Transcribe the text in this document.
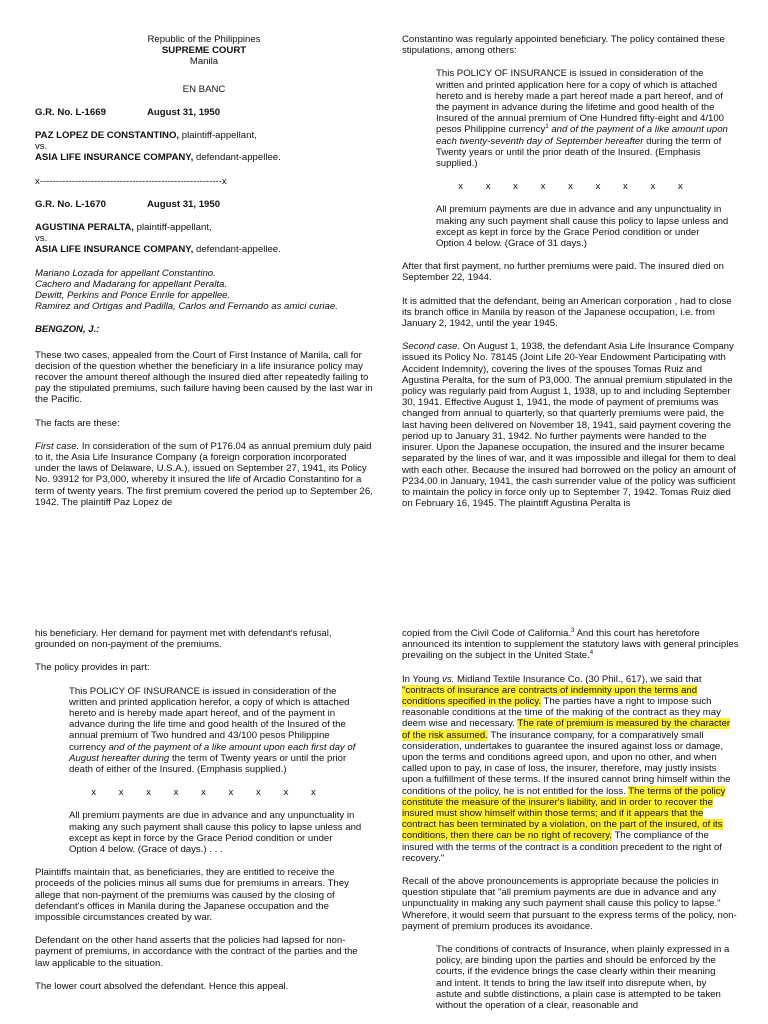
Republic of the Philippines

SUPREME COURT

Manila

EN BANC

G.R. No. L-1669	August 31, 1950

PAZ LOPEZ DE CONSTANTINO, plaintiff-appellant,
vs.
ASIA LIFE INSURANCE COMPANY, defendant-appellee.

x---------------------------------------------------------x

G.R. No. L-1670	August 31, 1950

AGUSTINA PERALTA, plaintiff-appellant,
vs.
ASIA LIFE INSURANCE COMPANY, defendant-appellee.

Mariano Lozada for appellant Constantino.
Cachero and Madarang for appellant Peralta.
Dewitt, Perkins and Ponce Enrile for appellee.
Ramirez and Ortigas and Padilla, Carlos and Fernando as amici curiae.

BENGZON, J.:

These two cases, appealed from the Court of First Instance of Manila, call for decision of the question whether the beneficiary in a life insurance policy may recover the amount thereof although the insured died after repeatedly failing to pay the stipulated premiums, such failure having been caused by the last war in the Pacific.

The facts are these:

First case. In consideration of the sum of P176.04 as annual premium duly paid to it, the Asia Life Insurance Company (a foreign corporation incorporated under the laws of Delaware, U.S.A.), issued on September 27, 1941, its Policy No. 93912 for P3,000, whereby it insured the life of Arcadio Constantino for a term of twenty years. The first premium covered the period up to September 26, 1942. The plaintiff Paz Lopez de

Constantino was regularly appointed beneficiary. The policy contained these stipulations, among others:

This POLICY OF INSURANCE is issued in consideration of the written and printed application here for a copy of which is attached hereto and is hereby made a part hereof made a part hereof, and of the payment in advance during the lifetime and good health of the Insured of the annual premium of One Hundred fifty-eight and 4/100 pesos Philippine currency$^1$ and of the payment of a like amount upon each twenty-seventh day of September hereafter during the term of Twenty years or until the prior death of the Insured. (Emphasis supplied.)

x x x x x x x x x

All premium payments are due in advance and any unpunctuality in making any such payment shall cause this policy to lapse unless and except as kept in force by the Grace Period condition or under Option 4 below. (Grace of 31 days.)

After that first payment, no further premiums were paid. The insured died on September 22, 1944.

It is admitted that the defendant, being an American corporation , had to close its branch office in Manila by reason of the Japanese occupation, i.e. from January 2, 1942, until the year 1945.

Second case. On August 1, 1938, the defendant Asia Life Insurance Company issued its Policy No. 78145 (Joint Life 20-Year Endowment Participating with Accident Indemnity), covering the lives of the spouses Tomas Ruiz and Agustina Peralta, for the sum of P3,000. The annual premium stipulated in the policy was regularly paid from August 1, 1938, up to and including September 30, 1941. Effective August 1, 1941, the mode of payment of premiums was changed from annual to quarterly, so that quarterly premiums were paid, the last having been delivered on November 18, 1941, said payment covering the period up to January 31, 1942. No further payments were handed to the insurer. Upon the Japanese occupation, the insured and the insurer became separated by the lines of war, and it was impossible and illegal for them to deal with each other. Because the insured had borrowed on the policy an amount of P234.00 in January, 1941, the cash surrender value of the policy was sufficient to maintain the policy in force only up to September 7, 1942. Tomas Ruiz died on February 16, 1945. The plaintiff Agustina Peralta is

his beneficiary. Her demand for payment met with defendant's refusal, grounded on non-payment of the premiums.

The policy provides in part:

This POLICY OF INSURANCE is issued in consideration of the written and printed application herefor, a copy of which is attached hereto and is hereby made apart hereof, and of the payment in advance during the life time and good health of the Insured of the annual premium of Two hundred and 43/100 pesos Philippine currency and of the payment of a like amount upon each first day of August hereafter during the term of Twenty years or until the prior death of either of the Insured. (Emphasis supplied.)

x x x x x x x x x

All premium payments are due in advance and any unpunctuality in making any such payment shall cause this policy to lapse unless and except as kept in force by the Grace Period condition or under Option 4 below. (Grace of days.) . . .

Plaintiffs maintain that, as beneficiaries, they are entitled to receive the proceeds of the policies minus all sums due for premiums in arrears. They allege that non-payment of the premiums was caused by the closing of defendant's offices in Manila during the Japanese occupation and the impossible circumstances created by war.

Defendant on the other hand asserts that the policies had lapsed for non-payment of premiums, in accordance with the contract of the parties and the law applicable to the situation.

The lower court absolved the defendant. Hence this appeal.

copied from the Civil Code of California.$^3$ And this court has heretofore announced its intention to supplement the statutory laws with general principles prevailing on the subject in the United State.$^4$

In Young vs. Midland Textile Insurance Co. (30 Phil., 617), we said that "contracts of insurance are contracts of indemnity upon the terms and conditions specified in the policy. The parties have a right to impose such reasonable conditions at the time of the making of the contract as they may deem wise and necessary. The rate of premium is measured by the character of the risk assumed. The insurance company, for a comparatively small consideration, undertakes to guarantee the insured against loss or damage, upon the terms and conditions agreed upon, and upon no other, and when called upon to pay, in case of loss, the insurer, therefore, may justly insists upon a fulfillment of these terms. If the insured cannot bring himself within the conditions of the policy, he is not entitled for the loss. The terms of the policy constitute the measure of the insurer's liability, and in order to recover the insured must show himself within those terms; and if it appears that the contract has been terminated by a violation, on the part of the insured, of its conditions, then there can be no right of recovery. The compliance of the insured with the terms of the contract is a condition precedent to the right of recovery."

Recall of the above pronouncements is appropriate because the policies in question stipulate that "all premium payments are due in advance and any unpunctuality in making any such payment shall cause this policy to lapse." Wherefore, it would seem that pursuant to the express terms of the policy, non-payment of premium produces its avoidance.

The conditions of contracts of Insurance, when plainly expressed in a policy, are binding upon the parties and should be enforced by the courts, if the evidence brings the case clearly within their meaning and intent. It tends to bring the law itself into disrepute when, by astute and subtle distinctions, a plain case is attempted to be taken without the operation of a clear, reasonable and
